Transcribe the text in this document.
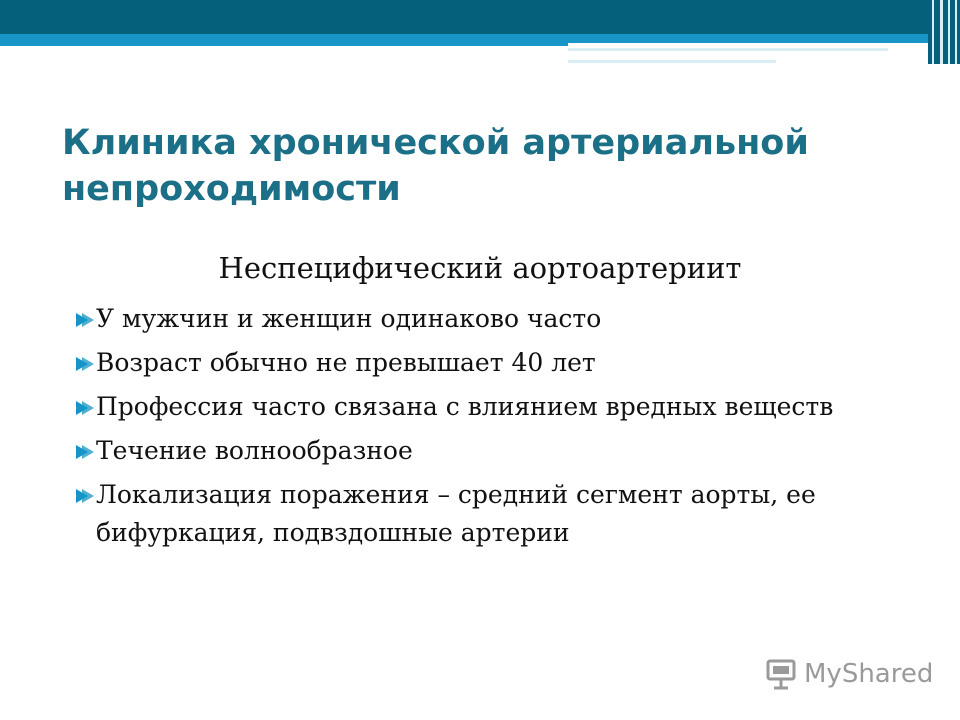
Клиника хронической артериальной непроходимости
Неспецифический аортоартериит
У мужчин и женщин одинаково часто
Возраст обычно не превышает 40 лет
Профессия часто связана с влиянием вредных веществ
Течение волнообразное
Локализация поражения – средний сегмент аорты, ее бифуркация, подвздошные артерии
MyShared
